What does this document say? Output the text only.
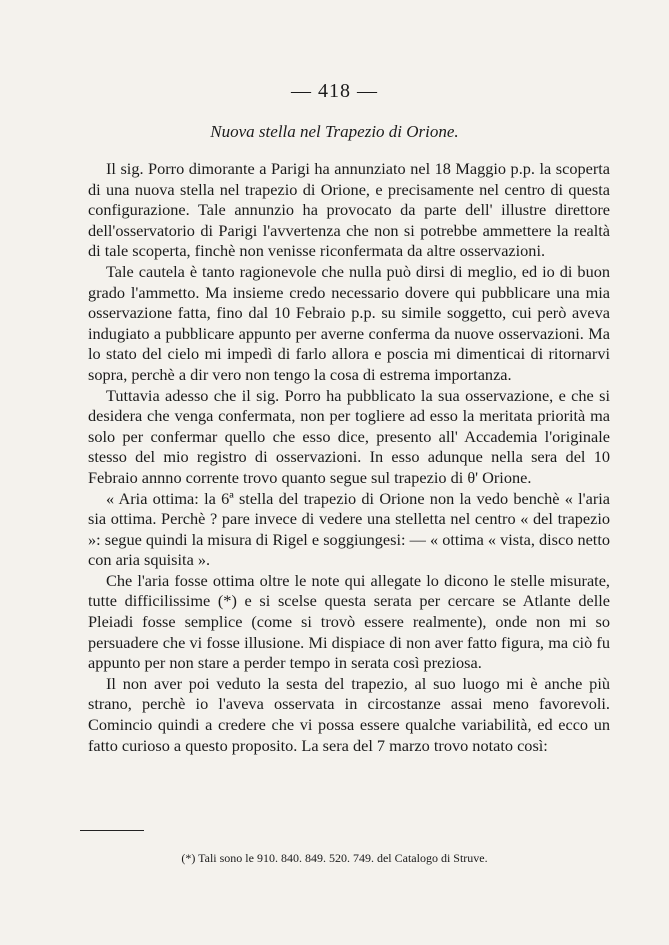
— 418 —
Nuova stella nel Trapezio di Orione.

Il sig. Porro dimorante a Parigi ha annunziato nel 18 Maggio p.p. la scoperta di una nuova stella nel trapezio di Orione, e precisamente nel centro di questa configurazione. Tale annunzio ha provocato da parte dell' illustre direttore dell'osservatorio di Parigi l'avvertenza che non si potrebbe ammettere la realtà di tale scoperta, finchè non venisse riconfermata da altre osservazioni.

Tale cautela è tanto ragionevole che nulla può dirsi di meglio, ed io di buon grado l'ammetto. Ma insieme credo necessario dovere qui pubblicare una mia osservazione fatta, fino dal 10 Febraio p.p. su simile soggetto, cui però aveva indugiato a pubblicare appunto per averne conferma da nuove osservazioni. Ma lo stato del cielo mi impedì di farlo allora e poscia mi dimenticai di ritornarvi sopra, perchè a dir vero non tengo la cosa di estrema importanza.

Tuttavia adesso che il sig. Porro ha pubblicato la sua osservazione, e che si desidera che venga confermata, non per togliere ad esso la meritata priorità ma solo per confermar quello che esso dice, presento all' Accademia l'originale stesso del mio registro di osservazioni. In esso adunque nella sera del 10 Febraio annno corrente trovo quanto segue sul trapezio di θ' Orione.

« Aria ottima: la 6ª stella del trapezio di Orione non la vedo benchè « l'aria sia ottima. Perchè ? pare invece di vedere una stelletta nel centro « del trapezio »: segue quindi la misura di Rigel e soggiungesi: — « ottima « vista, disco netto con aria squisita ».

Che l'aria fosse ottima oltre le note qui allegate lo dicono le stelle misurate, tutte difficilissime (*) e si scelse questa serata per cercare se Atlante delle Pleiadi fosse semplice (come si trovò essere realmente), onde non mi so persuadere che vi fosse illusione. Mi dispiace di non aver fatto figura, ma ciò fu appunto per non stare a perder tempo in serata così preziosa.

Il non aver poi veduto la sesta del trapezio, al suo luogo mi è anche più strano, perchè io l'aveva osservata in circostanze assai meno favorevoli. Comincio quindi a credere che vi possa essere qualche variabilità, ed ecco un fatto curioso a questo proposito. La sera del 7 marzo trovo notato così:

(*) Tali sono le 910. 840. 849. 520. 749. del Catalogo di Struve.
